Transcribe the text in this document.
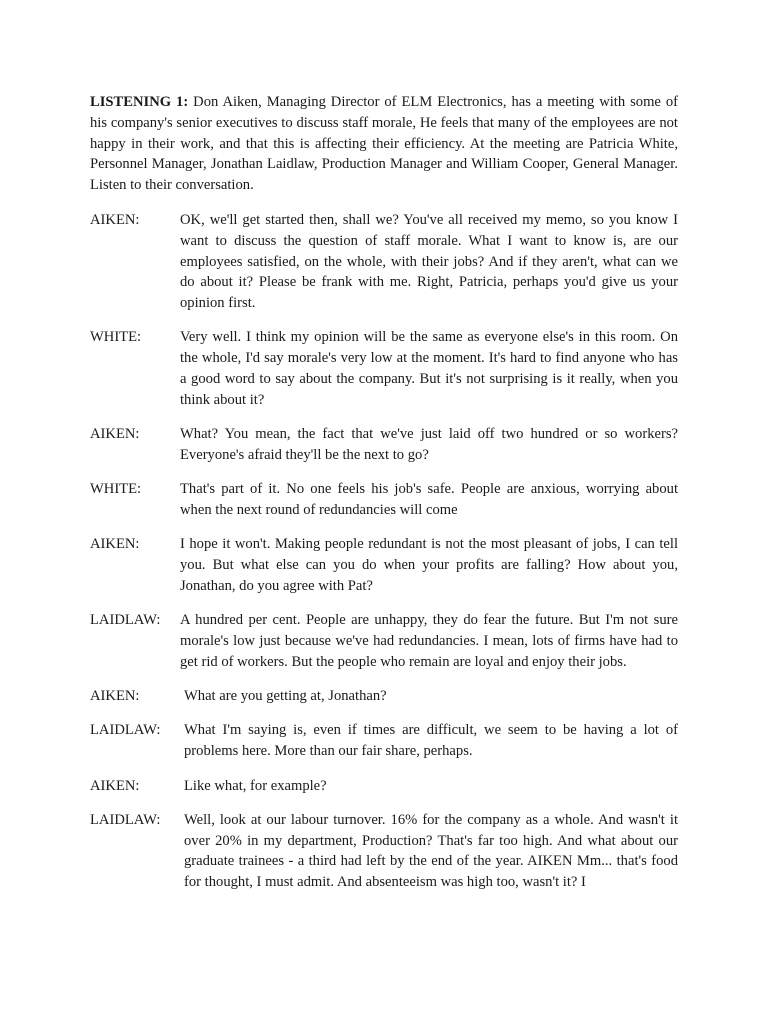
LISTENING 1: Don Aiken, Managing Director of ELM Electronics, has a meeting with some of his company's senior executives to discuss staff morale, He feels that many of the employees are not happy in their work, and that this is affecting their efficiency. At the meeting are Patricia White, Personnel Manager, Jonathan Laidlaw, Production Manager and William Cooper, General Manager. Listen to their conversation.

AIKEN:	OK, we'll get started then, shall we? You've all received my memo, so you know I want to discuss the question of staff morale. What I want to know is, are our employees satisfied, on the whole, with their jobs? And if they aren't, what can we do about it? Please be frank with me. Right, Patricia, perhaps you'd give us your opinion first.
WHITE:	Very well. I think my opinion will be the same as everyone else's in this room. On the whole, I'd say morale's very low at the moment. It's hard to find anyone who has a good word to say about the company. But it's not surprising is it really, when you think about it?
AIKEN:	What? You mean, the fact that we've just laid off two hundred or so workers? Everyone's afraid they'll be the next to go?
WHITE:	That's part of it. No one feels his job's safe. People are anxious, worrying about when the next round of redundancies will come
AIKEN:	I hope it won't. Making people redundant is not the most pleasant of jobs, I can tell you. But what else can you do when your profits are falling? How about you, Jonathan, do you agree with Pat?
LAIDLAW:	A hundred per cent. People are unhappy, they do fear the future. But I'm not sure morale's low just because we've had redundancies. I mean, lots of firms have had to get rid of workers. But the people who remain are loyal and enjoy their jobs.
AIKEN:	What are you getting at, Jonathan?
LAIDLAW:	What I'm saying is, even if times are difficult, we seem to be having a lot of problems here. More than our fair share, perhaps.
AIKEN:	Like what, for example?
LAIDLAW:	Well, look at our labour turnover. 16% for the company as a whole. And wasn't it over 20% in my department, Production? That's far too high. And what about our graduate trainees - a third had left by the end of the year. AIKEN Mm... that's food for thought, I must admit. And absenteeism was high too, wasn't it? I
